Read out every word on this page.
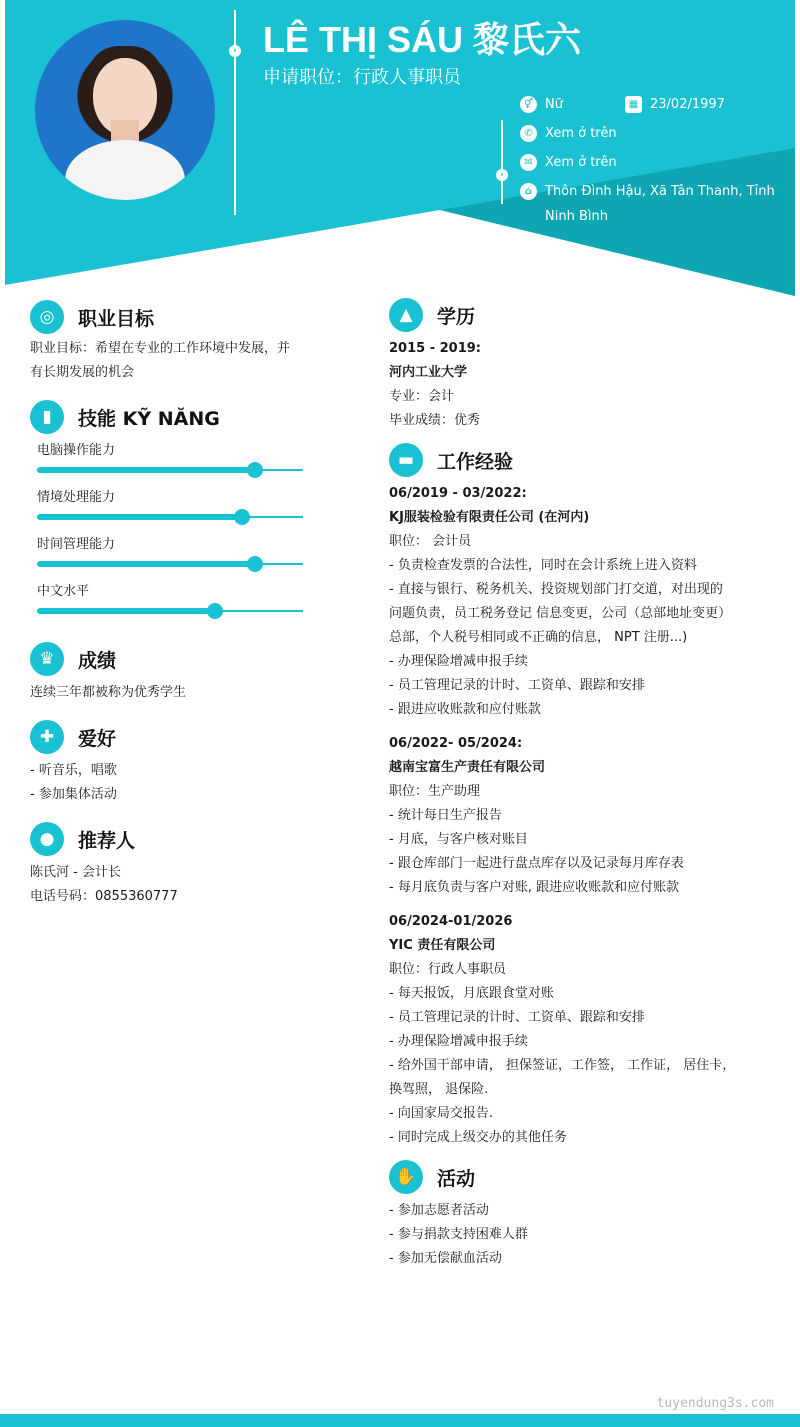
›
›
LÊ THỊ SÁU 黎氏六
申请职位：行政人事职员
⚥ Nữ	▦ 23/02/1997
✆ Xem ở trên
✉ Xem ở trên
⌂ Thôn Đình Hậu, Xã Tân Thanh, Tỉnh
Ninh Bình
◎	职业目标
职业目标：希望在专业的工作环境中发展，并
有长期发展的机会
▮	技能 KỸ NĂNG
电脑操作能力
情境处理能力
时间管理能力
中文水平
♛	成绩
连续三年都被称为优秀学生
✚	爱好
- 听音乐，唱歌
- 参加集体活动
●	推荐人
陈氏河 - 会计长
电话号码：0855360777
▲	学历
2015 - 2019:
河内工业大学
专业：会计
毕业成绩：优秀
▬	工作经验
06/2019 - 03/2022:
KJ服装检验有限责任公司 (在河内)
职位： 会计员
- 负责检查发票的合法性，同时在会计系统上进入资料
- 直接与银行、税务机关、投资规划部门打交道，对出现的
问题负责，员工税务登记 信息变更，公司（总部地址变更）
总部，个人税号相同或不正确的信息， NPT 注册...)
- 办理保险增减申报手续
- 员工管理记录的计时、工资单、跟踪和安排
- 跟进应收账款和应付账款
06/2022- 05/2024:
越南宝富生产责任有限公司
职位：生产助理
- 统计每日生产报告
- 月底，与客户核对账目
- 跟仓库部门一起进行盘点库存以及记录每月库存表
- 每月底负责与客户对账, 跟进应收账款和应付账款
06/2024-01/2026
YIC 责任有限公司
职位：行政人事职员
- 每天报饭，月底跟食堂对账
- 员工管理记录的计时、工资单、跟踪和安排
- 办理保险增减申报手续
- 给外国干部申请， 担保签证，工作签， 工作证， 居住卡，
换驾照， 退保险.
- 向国家局交报告.
- 同时完成上级交办的其他任务
✋	活动
- 参加志愿者活动
- 参与捐款支持困难人群
- 参加无偿献血活动
tuyendung3s.com
